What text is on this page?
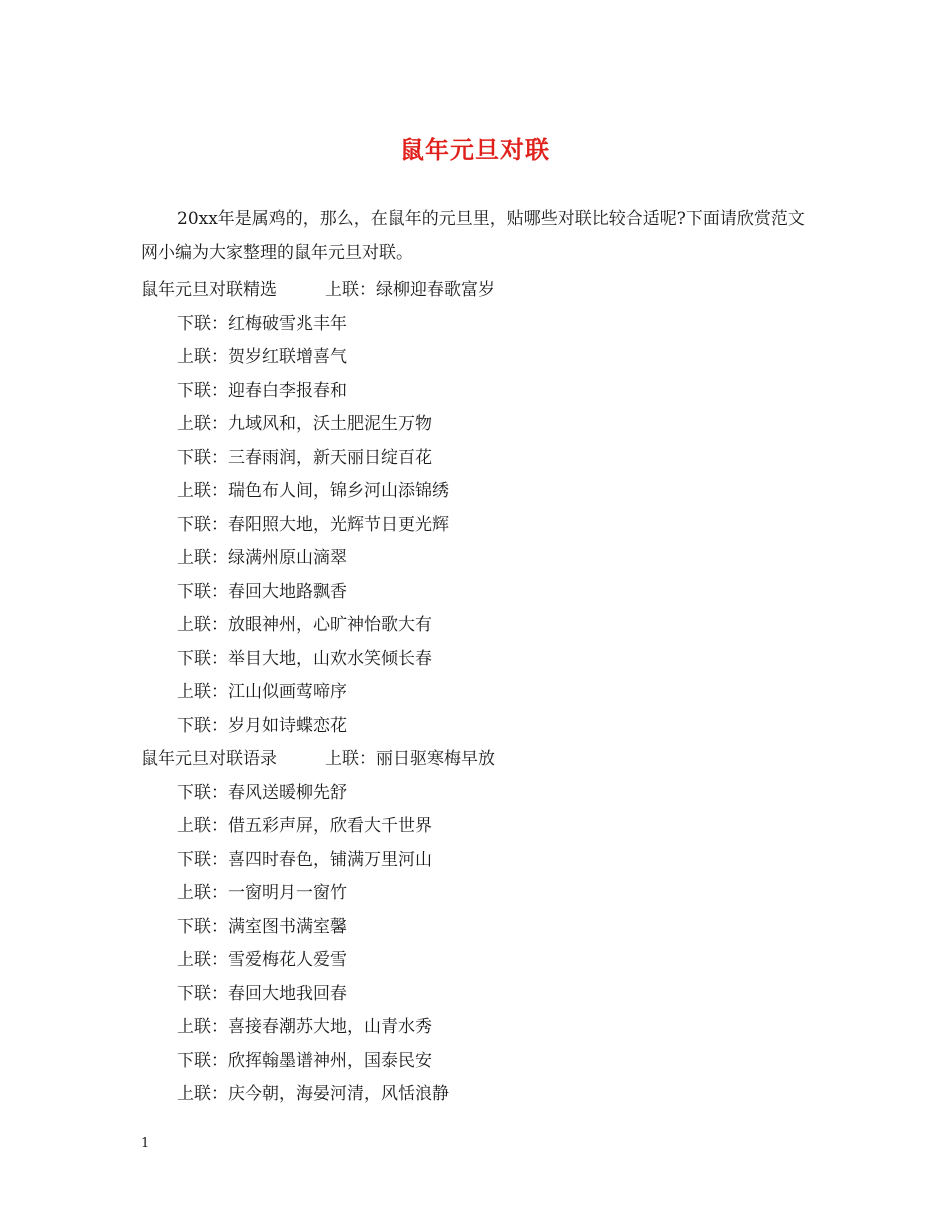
鼠年元旦对联

20xx年是属鸡的，那么，在鼠年的元旦里，贴哪些对联比较合适呢?下面请欣赏范文网小编为大家整理的鼠年元旦对联。

鼠年元旦对联精选	上联：绿柳迎春歌富岁
下联：红梅破雪兆丰年
上联：贺岁红联增喜气
下联：迎春白李报春和
上联：九域风和，沃土肥泥生万物
下联：三春雨润，新天丽日绽百花
上联：瑞色布人间，锦乡河山添锦绣
下联：春阳照大地，光辉节日更光辉
上联：绿满州原山滴翠
下联：春回大地路飘香
上联：放眼神州，心旷神怡歌大有
下联：举目大地，山欢水笑倾长春
上联：江山似画莺啼序
下联：岁月如诗蝶恋花
鼠年元旦对联语录	上联：丽日驱寒梅早放
下联：春风送暖柳先舒
上联：借五彩声屏，欣看大千世界
下联：喜四时春色，铺满万里河山
上联：一窗明月一窗竹
下联：满室图书满室馨
上联：雪爱梅花人爱雪
下联：春回大地我回春
上联：喜接春潮苏大地，山青水秀
下联：欣挥翰墨谱神州，国泰民安
上联：庆今朝，海晏河清，风恬浪静
1
